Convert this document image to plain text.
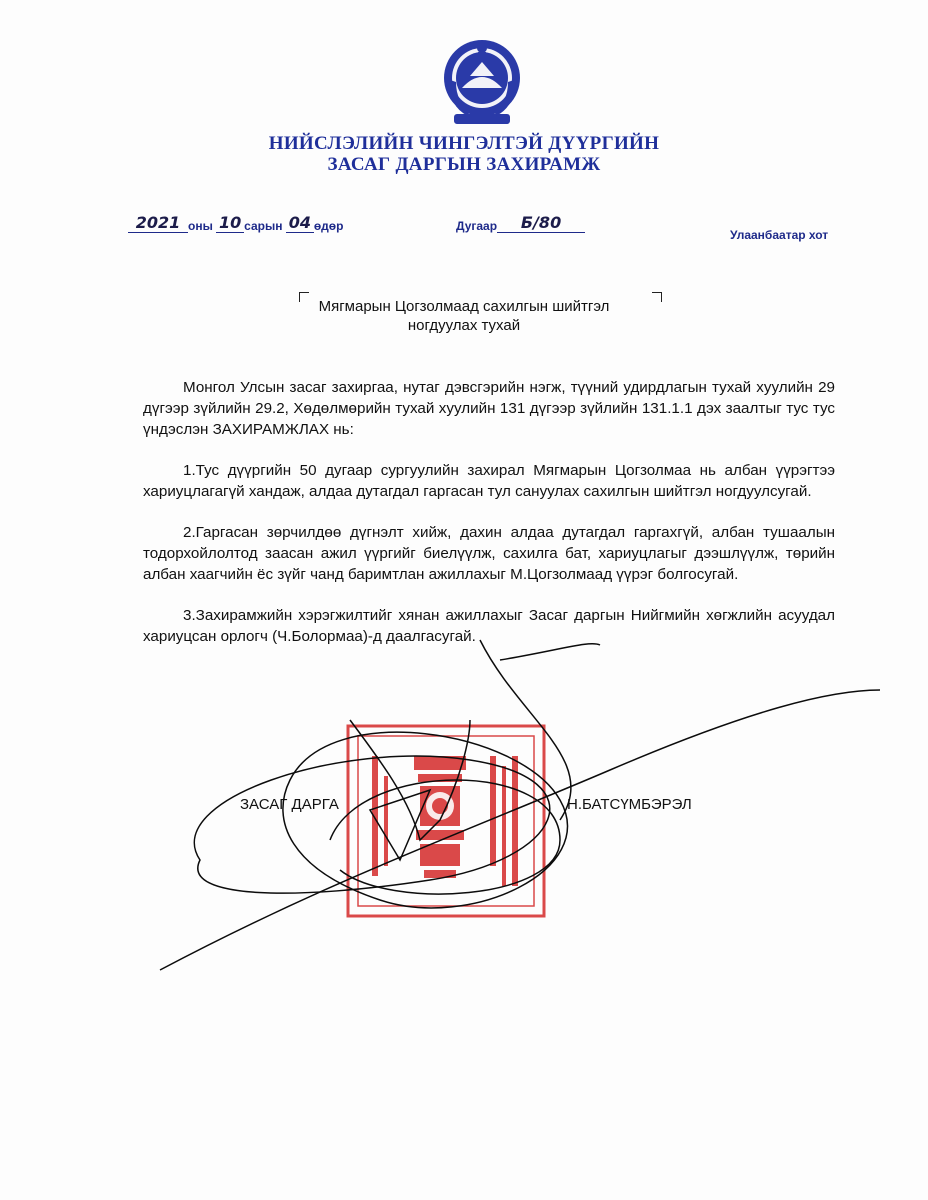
НИЙСЛЭЛИЙН ЧИНГЭЛТЭЙ ДҮҮРГИЙН
ЗАСАГ ДАРГЫН ЗАХИРАМЖ
2021 оны 10 сарын 04 өдөр	Дугаар Б/80
Улаанбаатар хот
Мягмарын Цогзолмаад сахилгын шийтгэл
ногдуулах тухай

Монгол Улсын засаг захиргаа, нутаг дэвсгэрийн нэгж, түүний удирдлагын тухай хуулийн 29 дүгээр зүйлийн 29.2, Хөдөлмөрийн тухай хуулийн 131 дүгээр зүйлийн 131.1.1 дэх заалтыг тус тус үндэслэн ЗАХИРАМЖЛАХ нь:

1.Тус дүүргийн 50 дугаар сургуулийн захирал Мягмарын Цогзолмаа нь албан үүрэгтээ хариуцлагагүй хандаж, алдаа дутагдал гаргасан тул сануулах сахилгын шийтгэл ногдуулсугай.

2.Гаргасан зөрчилдөө дүгнэлт хийж, дахин алдаа дутагдал гаргахгүй, албан тушаалын тодорхойлолтод заасан ажил үүргийг биелүүлж, сахилга бат, хариуцлагыг дээшлүүлж, төрийн албан хаагчийн ёс зүйг чанд баримтлан ажиллахыг М.Цогзолмаад үүрэг болгосугай.

3.Захирамжийн хэрэгжилтийг хянан ажиллахыг Засаг даргын Нийгмийн хөгжлийн асуудал хариуцсан орлогч (Ч.Болормаа)-д даалгасугай.

ЗАСАГ ДАРГА	Н.БАТСҮМБЭРЭЛ
